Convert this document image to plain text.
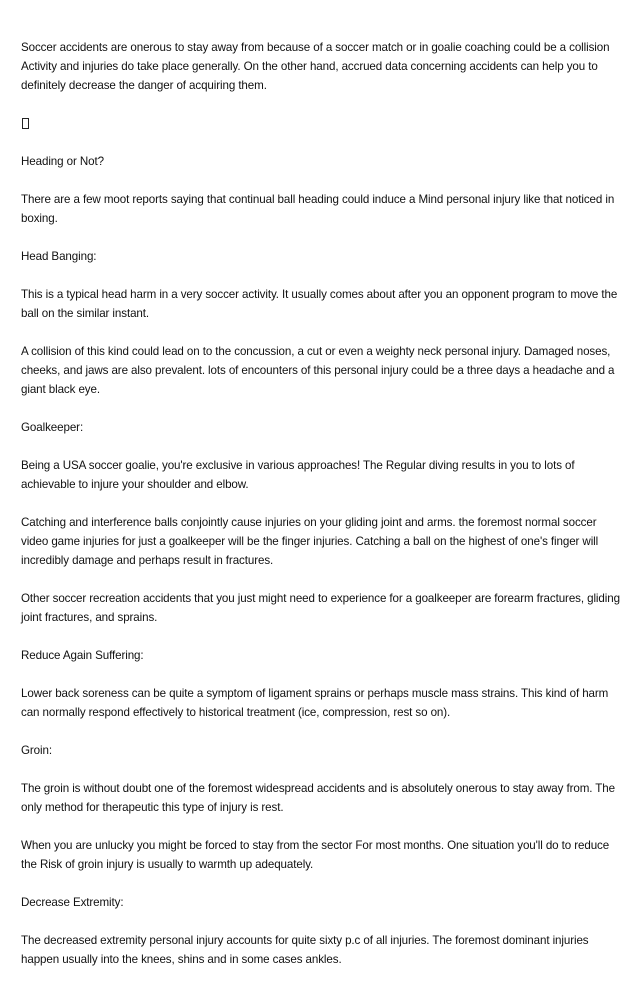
Soccer accidents are onerous to stay away from because of a soccer match or in goalie coaching could be a collision Activity and injuries do take place generally. On the other hand, accrued data concerning accidents can help you to definitely decrease the danger of acquiring them.

Heading or Not?

There are a few moot reports saying that continual ball heading could induce a Mind personal injury like that noticed in boxing.

Head Banging:

This is a typical head harm in a very soccer activity. It usually comes about after you an opponent program to move the ball on the similar instant.

A collision of this kind could lead on to the concussion, a cut or even a weighty neck personal injury. Damaged noses, cheeks, and jaws are also prevalent. lots of encounters of this personal injury could be a three days a headache and a giant black eye.

Goalkeeper:

Being a USA soccer goalie, you're exclusive in various approaches! The Regular diving results in you to lots of achievable to injure your shoulder and elbow.

Catching and interference balls conjointly cause injuries on your gliding joint and arms. the foremost normal soccer video game injuries for just a goalkeeper will be the finger injuries. Catching a ball on the highest of one's finger will incredibly damage and perhaps result in fractures.

Other soccer recreation accidents that you just might need to experience for a goalkeeper are forearm fractures, gliding joint fractures, and sprains.

Reduce Again Suffering:

Lower back soreness can be quite a symptom of ligament sprains or perhaps muscle mass strains. This kind of harm can normally respond effectively to historical treatment (ice, compression, rest so on).

Groin:

The groin is without doubt one of the foremost widespread accidents and is absolutely onerous to stay away from. The only method for therapeutic this type of injury is rest.

When you are unlucky you might be forced to stay from the sector For most months. One situation you'll do to reduce the Risk of groin injury is usually to warmth up adequately.

Decrease Extremity:

The decreased extremity personal injury accounts for quite sixty p.c of all injuries. The foremost dominant injuries happen usually into the knees, shins and in some cases ankles.
